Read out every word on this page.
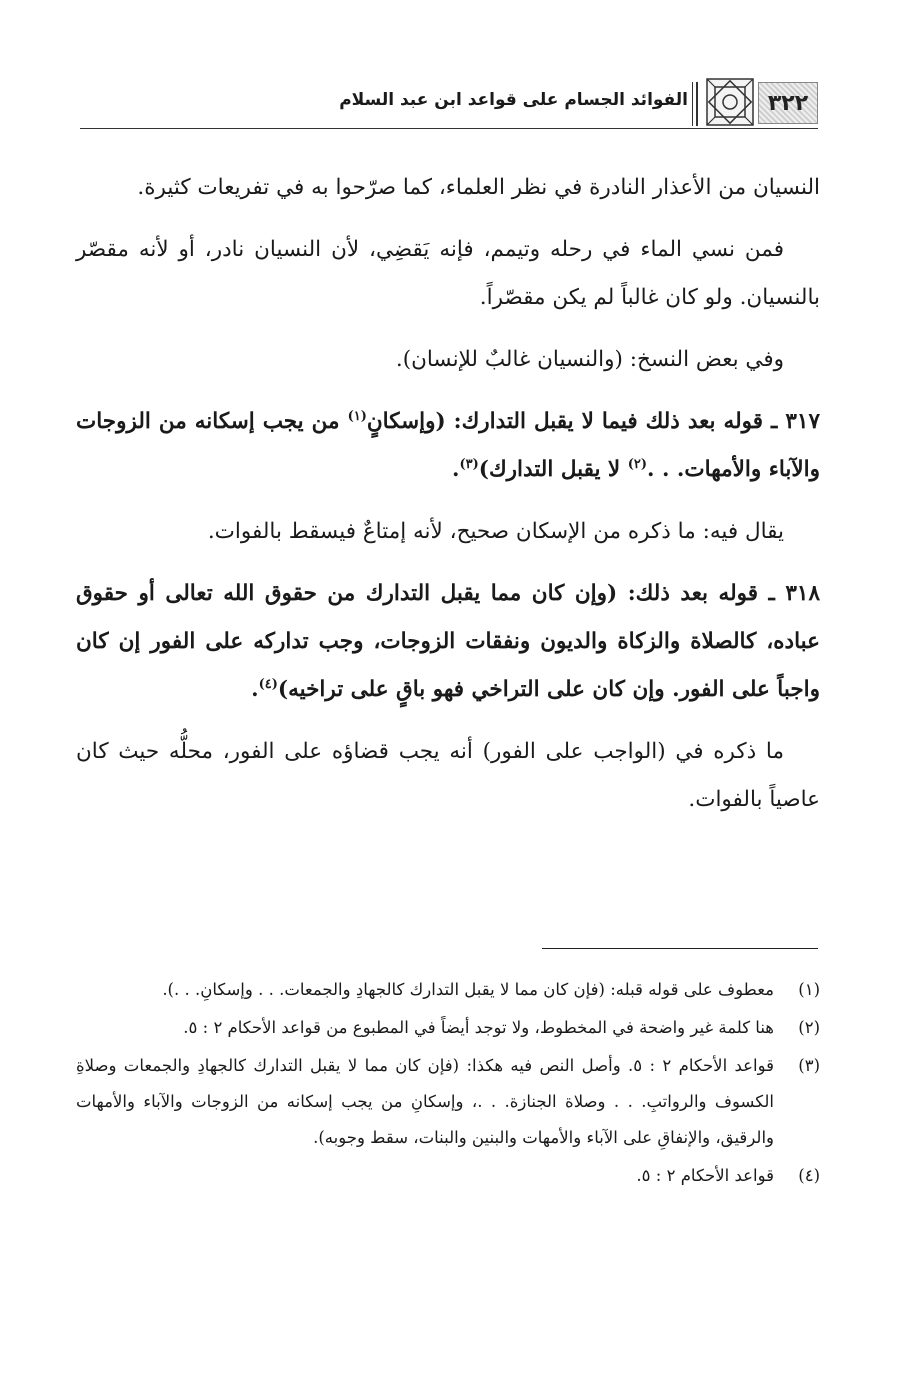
٣٢٢
الفوائد الجسام على قواعد ابن عبد السلام

النسيان من الأعذار النادرة في نظر العلماء، كما صرّحوا به في تفريعات كثيرة.

فمن نسي الماء في رحله وتيمم، فإنه يَقضِي، لأن النسيان نادر، أو لأنه مقصّر بالنسيان. ولو كان غالباً لم يكن مقصّراً.

وفي بعض النسخ: (والنسيان غالبٌ للإنسان).

٣١٧ ـ قوله بعد ذلك فيما لا يقبل التدارك: (وإسكانٍ$^{(١)}$ من يجب إسكانه من الزوجات والآباء والأمهات. . .$^{(٢)}$ لا يقبل التدارك)$^{(٣)}$.

يقال فيه: ما ذكره من الإسكان صحيح، لأنه إمتاعٌ فيسقط بالفوات.

٣١٨ ـ قوله بعد ذلك: (وإن كان مما يقبل التدارك من حقوق الله تعالى أو حقوق عباده، كالصلاة والزكاة والديون ونفقات الزوجات، وجب تداركه على الفور إن كان واجباً على الفور. وإن كان على التراخي فهو باقٍ على تراخيه)$^{(٤)}$.

ما ذكره في (الواجب على الفور) أنه يجب قضاؤه على الفور، محلُّه حيث كان عاصياً بالفوات.

(١)
معطوف على قوله قبله: (فإن كان مما لا يقبل التدارك كالجهادِ والجمعات. . . وإسكانِ. . .).
(٢)
هنا كلمة غير واضحة في المخطوط، ولا توجد أيضاً في المطبوع من قواعد الأحكام ٢ : ٥.
(٣)
قواعد الأحكام ٢ : ٥. وأصل النص فيه هكذا: (فإن كان مما لا يقبل التدارك كالجهادِ والجمعات وصلاةِ الكسوف والرواتبِ. . . وصلاة الجنازة. . .، وإسكانِ من يجب إسكانه من الزوجات والآباء والأمهات والرقيق، والإنفاقِ على الآباء والأمهات والبنين والبنات، سقط وجوبه).
(٤)
قواعد الأحكام ٢ : ٥.
